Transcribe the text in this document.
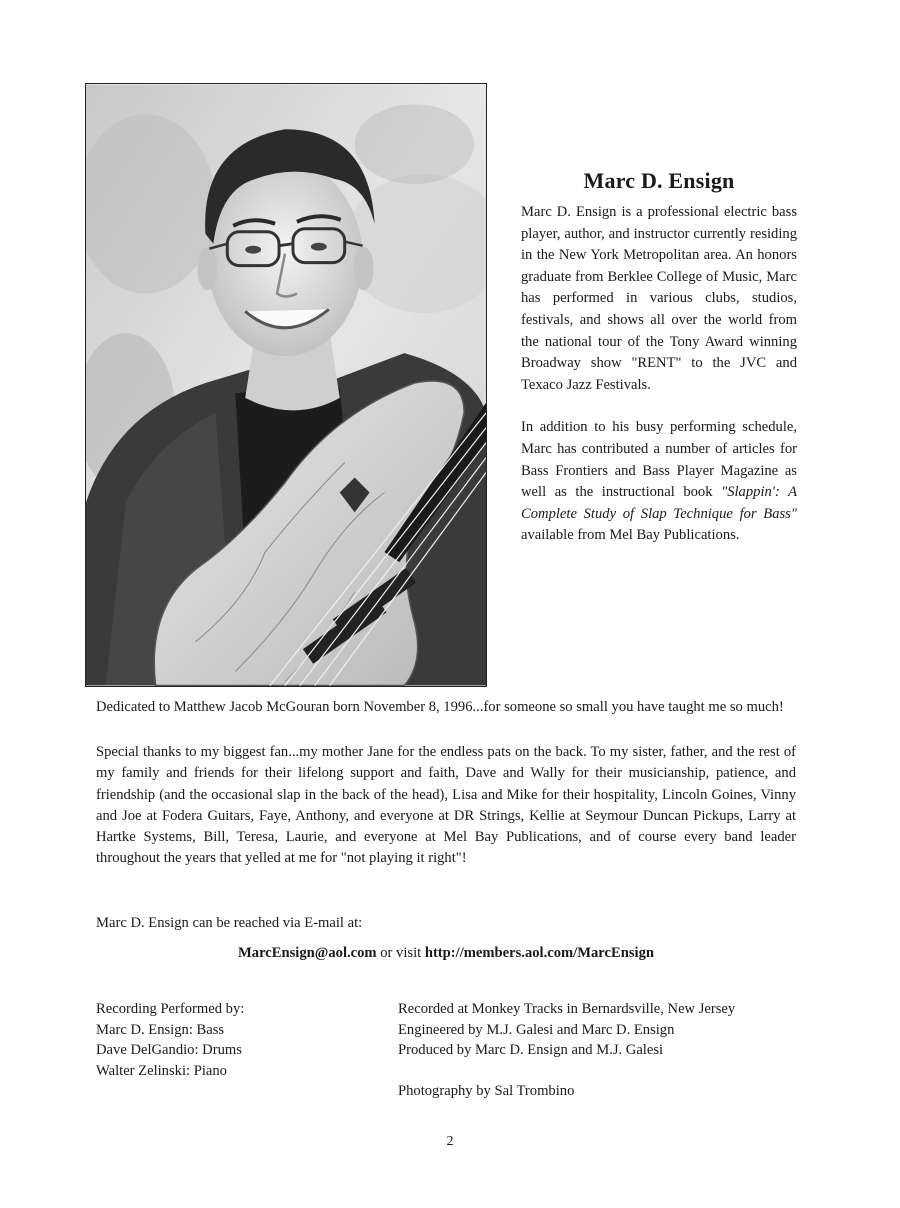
Marc D. Ensign

Marc D. Ensign is a professional electric bass player, author, and instructor currently residing in the New York Metropolitan area. An honors graduate from Berklee College of Music, Marc has performed in various clubs, studios, festivals, and shows all over the world from the national tour of the Tony Award winning Broadway show "RENT" to the JVC and Texaco Jazz Festivals.

In addition to his busy performing schedule, Marc has contributed a number of articles for Bass Frontiers and Bass Player Magazine as well as the instructional book "Slappin': A Complete Study of Slap Technique for Bass" available from Mel Bay Publications.

Dedicated to Matthew Jacob McGouran born November 8, 1996...for someone so small you have taught me so much!

Special thanks to my biggest fan...my mother Jane for the endless pats on the back. To my sister, father, and the rest of my family and friends for their lifelong support and faith, Dave and Wally for their musicianship, patience, and friendship (and the occasional slap in the back of the head), Lisa and Mike for their hospitality, Lincoln Goines, Vinny and Joe at Fodera Guitars, Faye, Anthony, and everyone at DR Strings, Kellie at Seymour Duncan Pickups, Larry at Hartke Systems, Bill, Teresa, Laurie, and everyone at Mel Bay Publications, and of course every band leader throughout the years that yelled at me for "not playing it right"!

Marc D. Ensign can be reached via E-mail at:

MarcEnsign@aol.com or visit http://members.aol.com/MarcEnsign
Recording Performed by:
Marc D. Ensign: Bass
Dave DelGandio: Drums
Walter Zelinski: Piano
Recorded at Monkey Tracks in Bernardsville, New Jersey
Engineered by M.J. Galesi and Marc D. Ensign
Produced by Marc D. Ensign and M.J. Galesi
Photography by Sal Trombino
2
